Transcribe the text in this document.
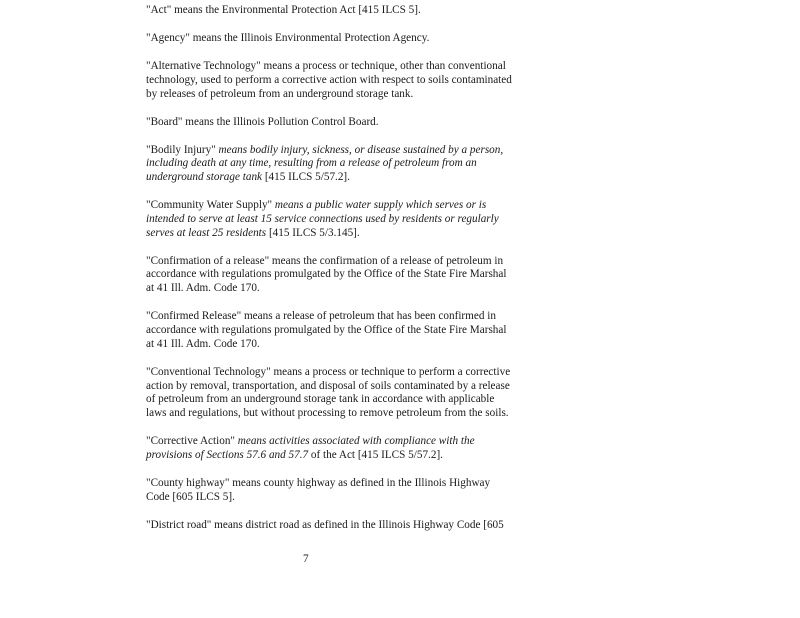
"Act" means the Environmental Protection Act [415 ILCS 5].
"Agency" means the Illinois Environmental Protection Agency.
"Alternative Technology" means a process or technique, other than conventional
technology, used to perform a corrective action with respect to soils contaminated
by releases of petroleum from an underground storage tank.
"Board" means the Illinois Pollution Control Board.
"Bodily Injury" means bodily injury, sickness, or disease sustained by a person,
including death at any time, resulting from a release of petroleum from an
underground storage tank [415 ILCS 5/57.2].
"Community Water Supply" means a public water supply which serves or is
intended to serve at least 15 service connections used by residents or regularly
serves at least 25 residents [415 ILCS 5/3.145].
"Confirmation of a release" means the confirmation of a release of petroleum in
accordance with regulations promulgated by the Office of the State Fire Marshal
at 41 Ill. Adm. Code 170.
"Confirmed Release" means a release of petroleum that has been confirmed in
accordance with regulations promulgated by the Office of the State Fire Marshal
at 41 Ill. Adm. Code 170.
"Conventional Technology" means a process or technique to perform a corrective
action by removal, transportation, and disposal of soils contaminated by a release
of petroleum from an underground storage tank in accordance with applicable
laws and regulations, but without processing to remove petroleum from the soils.
"Corrective Action" means activities associated with compliance with the
provisions of Sections 57.6 and 57.7 of the Act [415 ILCS 5/57.2].
"County highway" means county highway as defined in the Illinois Highway
Code [605 ILCS 5].
"District road" means district road as defined in the Illinois Highway Code [605
7
